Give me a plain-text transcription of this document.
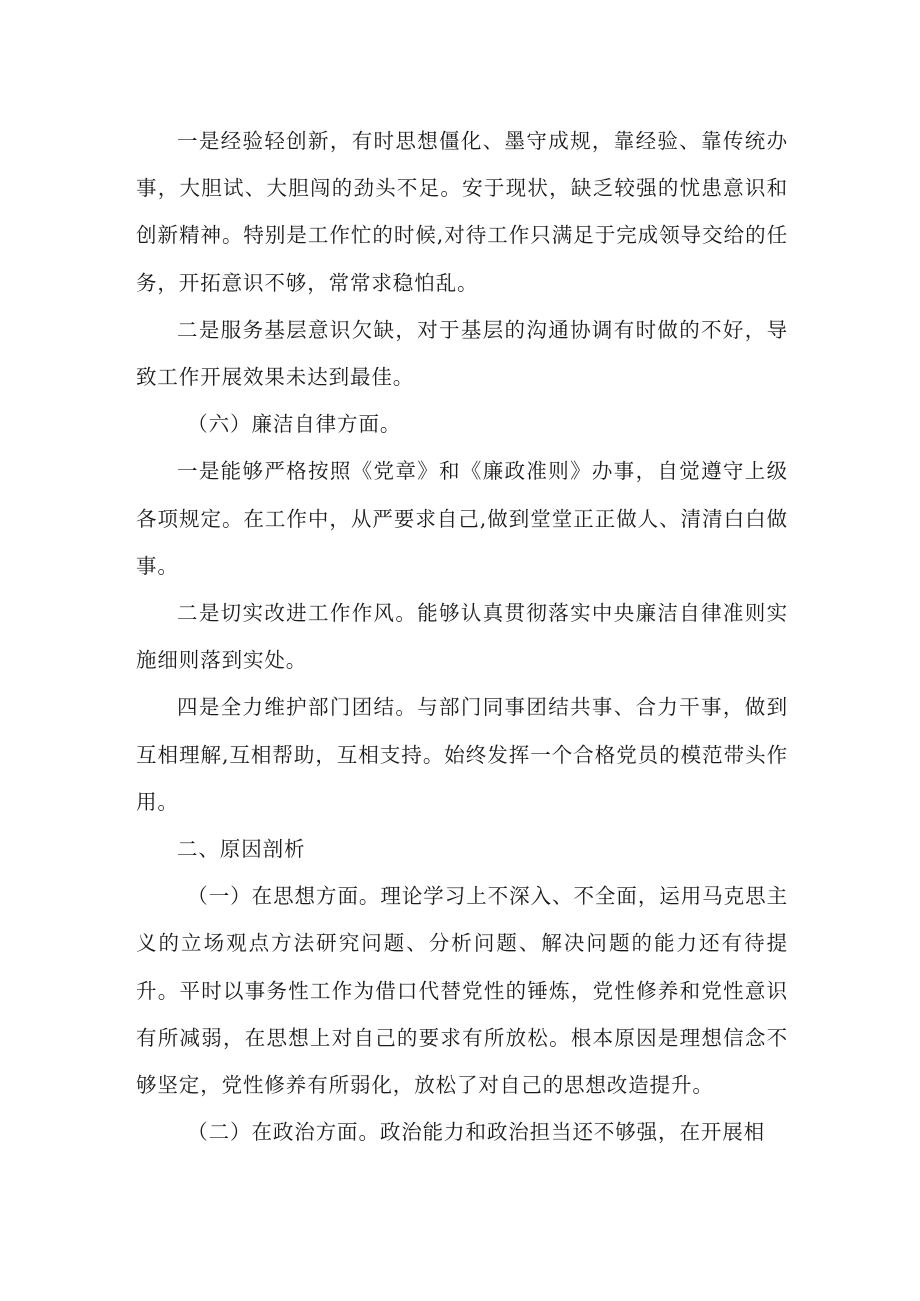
一是经验轻创新，有时思想僵化、墨守成规，靠经验、靠传统办事，大胆试、大胆闯的劲头不足。安于现状，缺乏较强的忧患意识和创新精神。特别是工作忙的时候,对待工作只满足于完成领导交给的任务，开拓意识不够，常常求稳怕乱。

二是服务基层意识欠缺，对于基层的沟通协调有时做的不好，导致工作开展效果未达到最佳。

（六）廉洁自律方面。

一是能够严格按照《党章》和《廉政准则》办事，自觉遵守上级各项规定。在工作中，从严要求自己,做到堂堂正正做人、清清白白做事。

二是切实改进工作作风。能够认真贯彻落实中央廉洁自律准则实施细则落到实处。

四是全力维护部门团结。与部门同事团结共事、合力干事，做到互相理解,互相帮助，互相支持。始终发挥一个合格党员的模范带头作用。

二、原因剖析

（一）在思想方面。理论学习上不深入、不全面，运用马克思主义的立场观点方法研究问题、分析问题、解决问题的能力还有待提升。平时以事务性工作为借口代替党性的锤炼，党性修养和党性意识有所减弱，在思想上对自己的要求有所放松。根本原因是理想信念不够坚定，党性修养有所弱化，放松了对自己的思想改造提升。

（二）在政治方面。政治能力和政治担当还不够强，在开展相
